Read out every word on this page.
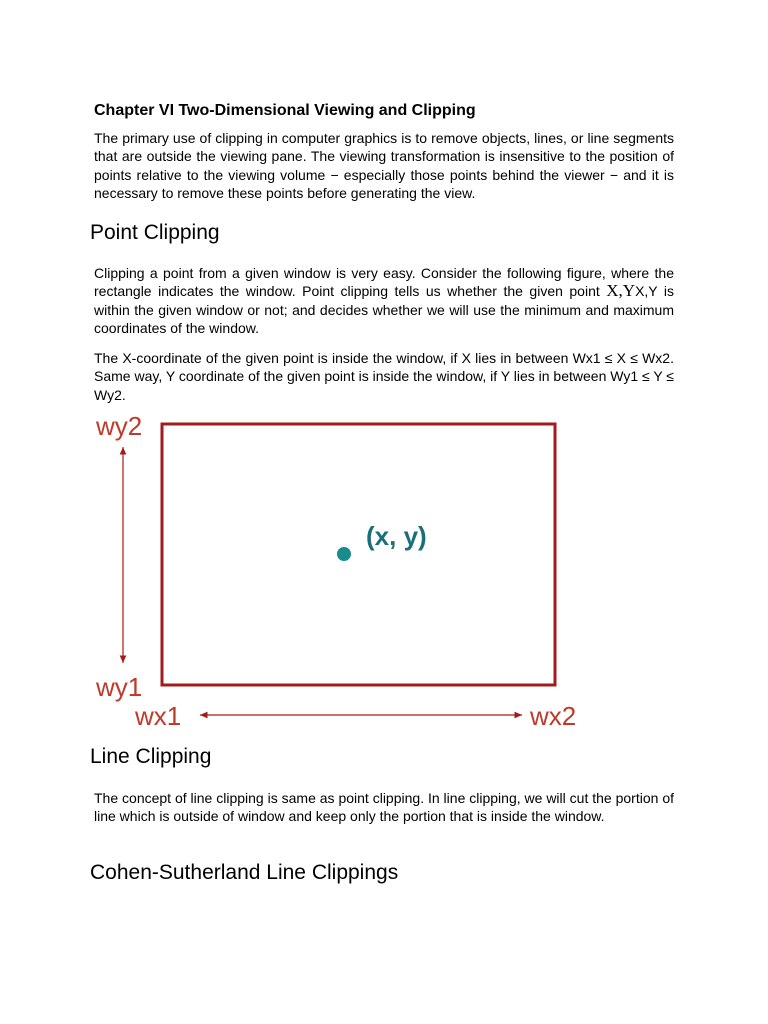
Chapter VI Two-Dimensional Viewing and Clipping

The primary use of clipping in computer graphics is to remove objects, lines, or line segments that are outside the viewing pane. The viewing transformation is insensitive to the position of points relative to the viewing volume − especially those points behind the viewer − and it is necessary to remove these points before generating the view.

Point Clipping

Clipping a point from a given window is very easy. Consider the following figure, where the rectangle indicates the window. Point clipping tells us whether the given point X,YX,Y is within the given window or not; and decides whether we will use the minimum and maximum coordinates of the window.

The X-coordinate of the given point is inside the window, if X lies in between Wx1 ≤ X ≤ Wx2. Same way, Y coordinate of the given point is inside the window, if Y lies in between Wy1 ≤ Y ≤ Wy2.

wy2
wy1
wx1	wx2
(x, y)
Line Clipping

The concept of line clipping is same as point clipping. In line clipping, we will cut the portion of line which is outside of window and keep only the portion that is inside the window.

Cohen-Sutherland Line Clippings
